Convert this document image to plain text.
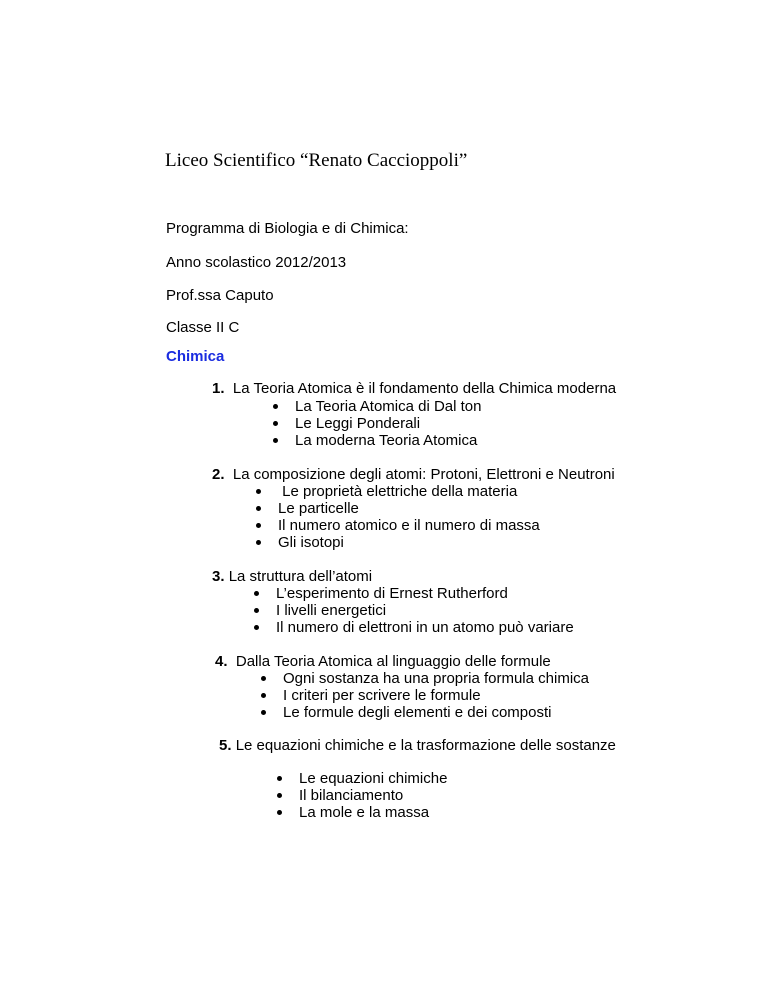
Liceo Scientifico “Renato Caccioppoli”
Programma di Biologia e di Chimica:
Anno scolastico 2012/2013
Prof.ssa Caputo
Classe II C
Chimica
1. La Teoria Atomica è il fondamento della Chimica moderna
La Teoria Atomica di Dal ton
Le Leggi Ponderali
La moderna Teoria Atomica
2. La composizione degli atomi: Protoni, Elettroni e Neutroni
Le proprietà elettriche della materia
Le particelle
Il numero atomico e il numero di massa
Gli isotopi
3. La struttura dell’atomi
L’esperimento di Ernest Rutherford
I livelli energetici
Il numero di elettroni in un atomo può variare
4. Dalla Teoria Atomica al linguaggio delle formule
Ogni sostanza ha una propria formula chimica
I criteri per scrivere le formule
Le formule degli elementi e dei composti
5. Le equazioni chimiche e la trasformazione delle sostanze
Le equazioni chimiche
Il bilanciamento
La mole e la massa
